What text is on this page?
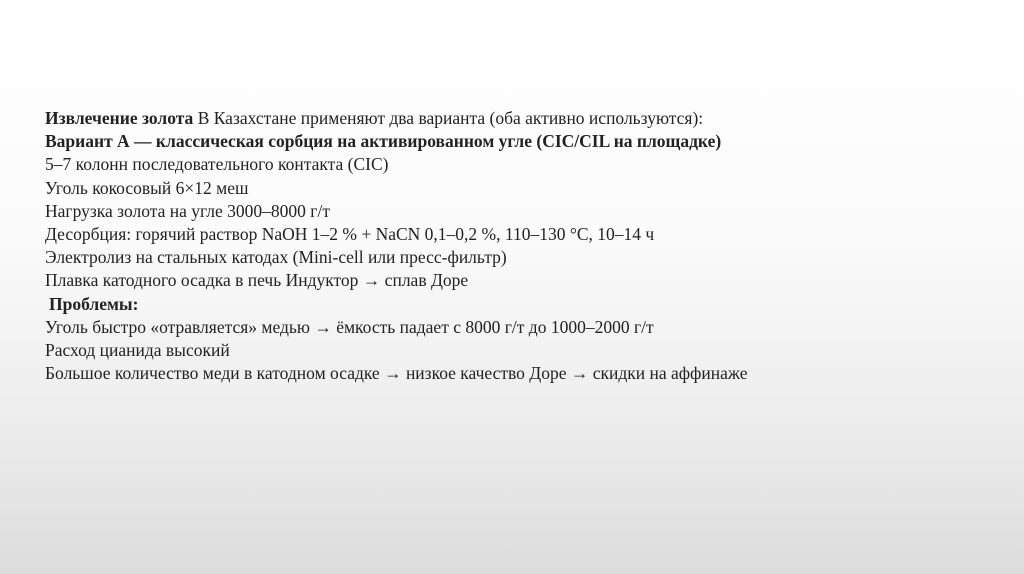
Извлечение золота В Казахстане применяют два варианта (оба активно используются):
Вариант А — классическая сорбция на активированном угле (CIC/CIL на площадке)
5–7 колонн последовательного контакта (CIC)
Уголь кокосовый 6×12 меш
Нагрузка золота на угле 3000–8000 г/т
Десорбция: горячий раствор NaOH 1–2 % + NaCN 0,1–0,2 %, 110–130 °C, 10–14 ч
Электролиз на стальных катодах (Mini-cell или пресс-фильтр)
Плавка катодного осадка в печь Индуктор → сплав Доре
Проблемы:
Уголь быстро «отравляется» медью → ёмкость падает с 8000 г/т до 1000–2000 г/т
Расход цианида высокий
Большое количество меди в катодном осадке → низкое качество Доре → скидки на аффинаже
